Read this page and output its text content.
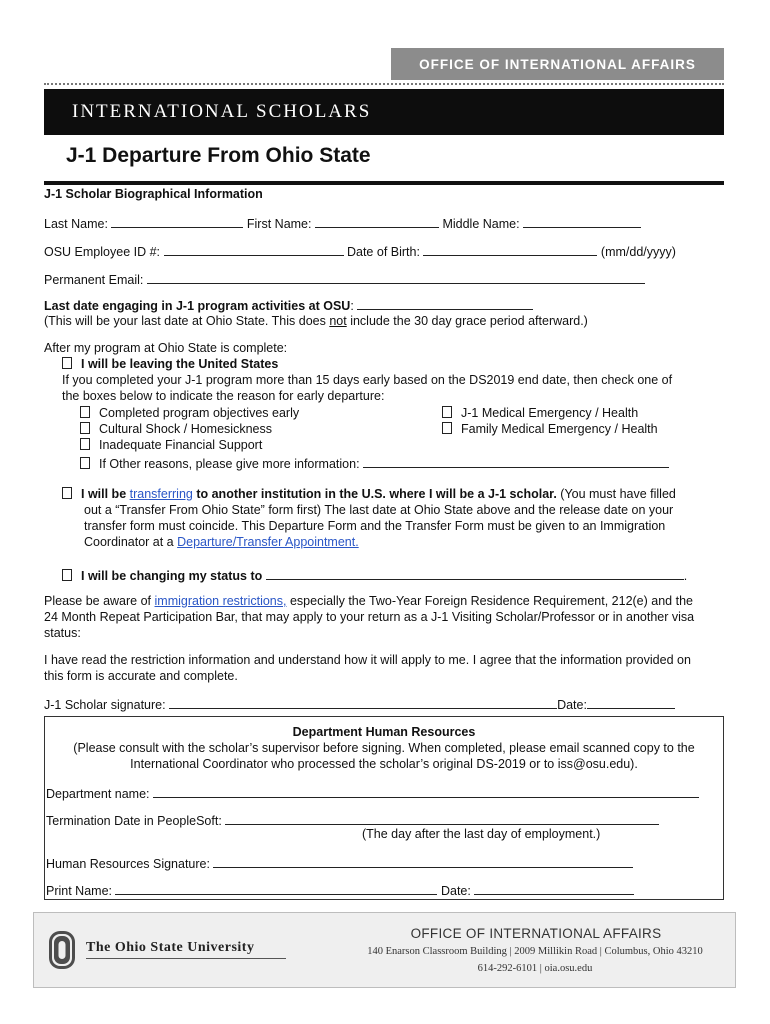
OFFICE OF INTERNATIONAL AFFAIRS
INTERNATIONAL SCHOLARS
J-1 Departure From Ohio State
J-1 Scholar Biographical Information
Last Name:	First Name:	Middle Name:
OSU Employee ID #:	Date of Birth:	(mm/dd/yyyy)
Permanent Email:
Last date engaging in J-1 program activities at OSU:
(This will be your last date at Ohio State. This does not include the 30 day grace period afterward.)
After my program at Ohio State is complete:
I will be leaving the United States
If you completed your J-1 program more than 15 days early based on the DS2019 end date, then check one of
the boxes below to indicate the reason for early departure:
Completed program objectives early	J-1 Medical Emergency / Health
Cultural Shock / Homesickness	Family Medical Emergency / Health
Inadequate Financial Support
If Other reasons, please give more information:
I will be transferring to another institution in the U.S. where I will be a J-1 scholar. (You must have filled
out a “Transfer From Ohio State” form first) The last date at Ohio State above and the release date on your
transfer form must coincide. This Departure Form and the Transfer Form must be given to an Immigration
Coordinator at a Departure/Transfer Appointment.
I will be changing my status to	.
Please be aware of immigration restrictions, especially the Two-Year Foreign Residence Requirement, 212(e) and the
24 Month Repeat Participation Bar, that may apply to your return as a J-1 Visiting Scholar/Professor or in another visa
status:
I have read the restriction information and understand how it will apply to me. I agree that the information provided on
this form is accurate and complete.
J-1 Scholar signature:	Date:
Department Human Resources
(Please consult with the scholar’s supervisor before signing. When completed, please email scanned copy to the
International Coordinator who processed the scholar’s original DS-2019 or to iss@osu.edu).
Department name:
Termination Date in PeopleSoft:
(The day after the last day of employment.)
Human Resources Signature:
Print Name:	Date:
The Ohio State University
OFFICE OF INTERNATIONAL AFFAIRS
140 Enarson Classroom Building | 2009 Millikin Road | Columbus, Ohio 43210
614-292-6101 | oia.osu.edu
